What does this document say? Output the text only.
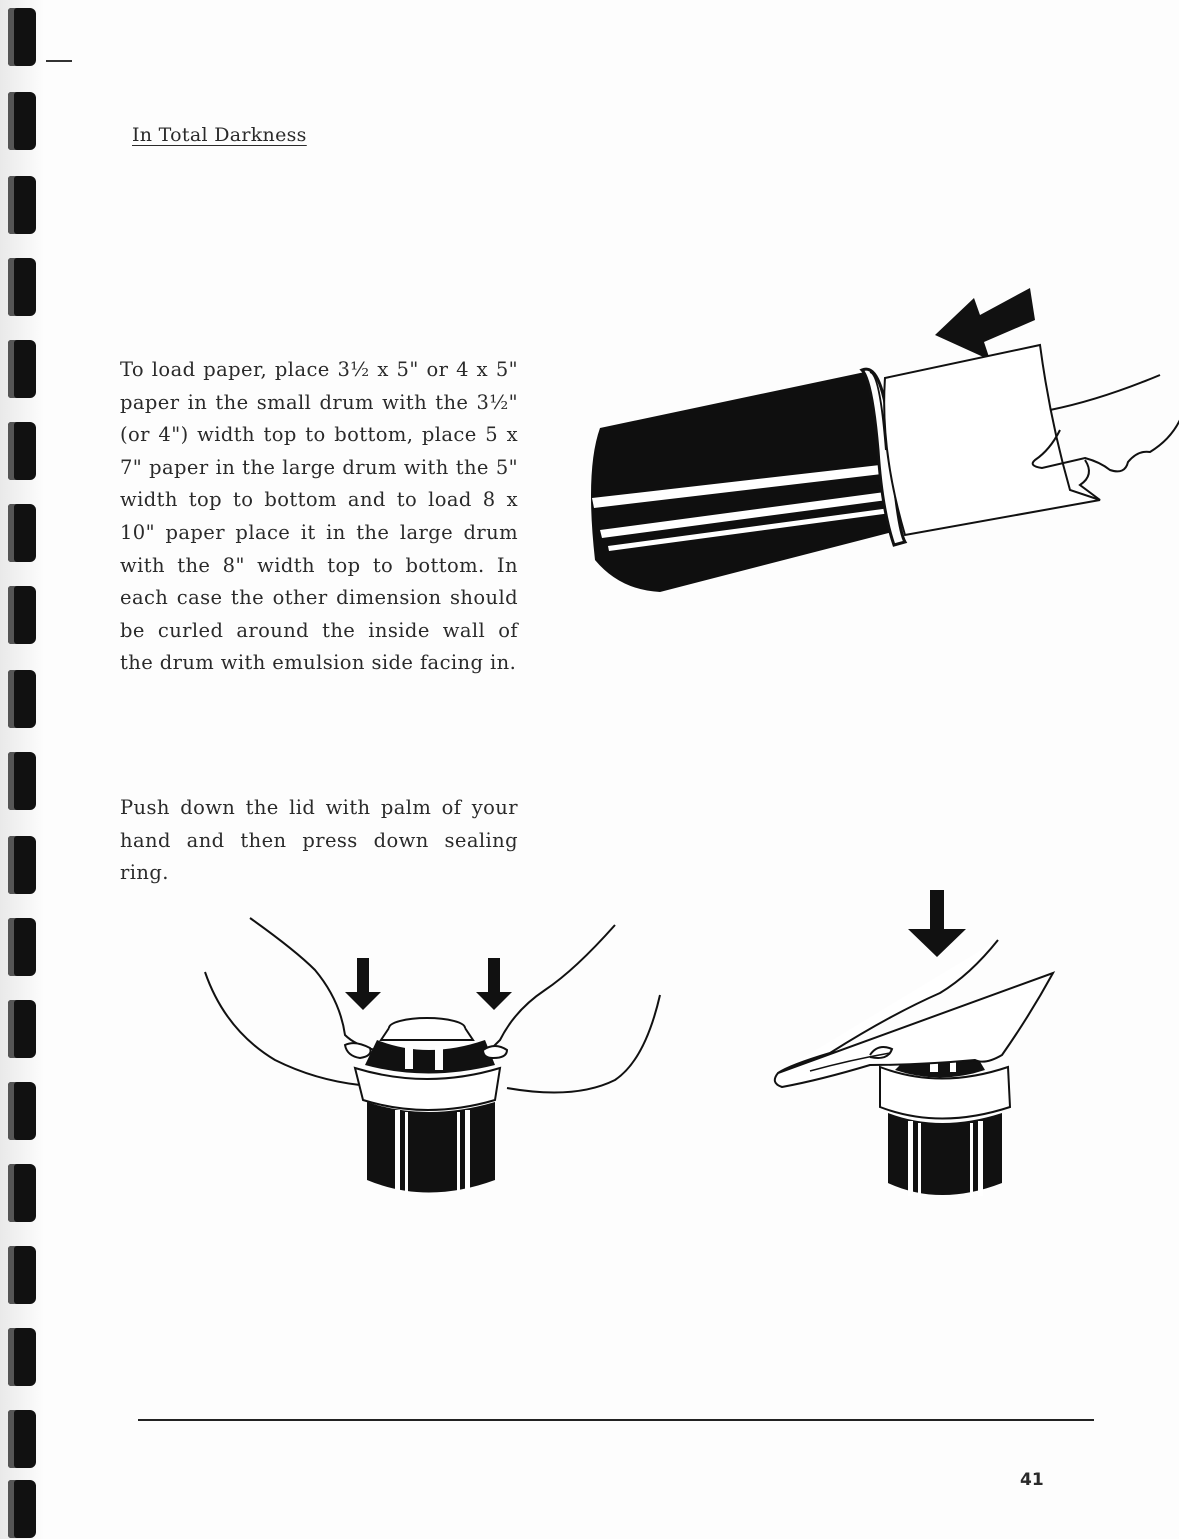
In Total Darkness
To load paper, place 3½ x 5" or 4 x 5" paper in the small drum with the 3½" (or 4") width top to bottom, place 5 x 7" paper in the large drum with the 5" width top to bottom and to load 8 x 10" paper place it in the large drum with the 8" width top to bottom. In each case the other dimension should be curled around the inside wall of the drum with emulsion side facing in.
Push down the lid with palm of your hand and then press down sealing ring.
41
